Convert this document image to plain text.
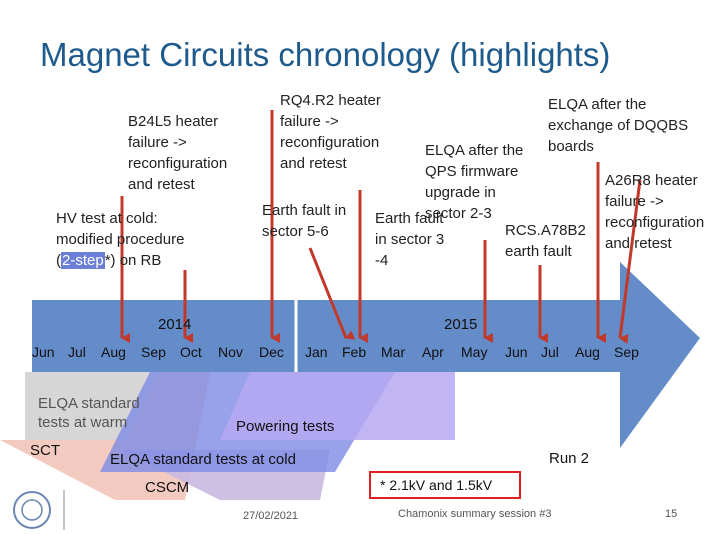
Magnet Circuits chronology (highlights)
B24L5 heater
failure ->
reconfiguration
and retest
HV test at cold:
modified procedure
(2-step*) on RB
RQ4.R2 heater
failure ->
reconfiguration
and retest
Earth fault in
sector 5-6
ELQA after the
QPS firmware
upgrade in
sector 2-3
Earth fault
in sector 3
-4
ELQA after the
exchange of DQQBS
boards
RCS.A78B2
earth fault
A26R8 heater
failure ->
reconfiguration
and retest
2014	2015
Jun Jul Aug Sep Oct Nov Dec Jan Feb Mar Apr May Jun Jul Aug Sep
ELQA standard
tests at warm
SCT
Powering tests
ELQA standard tests at cold
CSCM
Run 2
* 2.1kV and 1.5kV
27/02/2021	Chamonix summary session #3	15
